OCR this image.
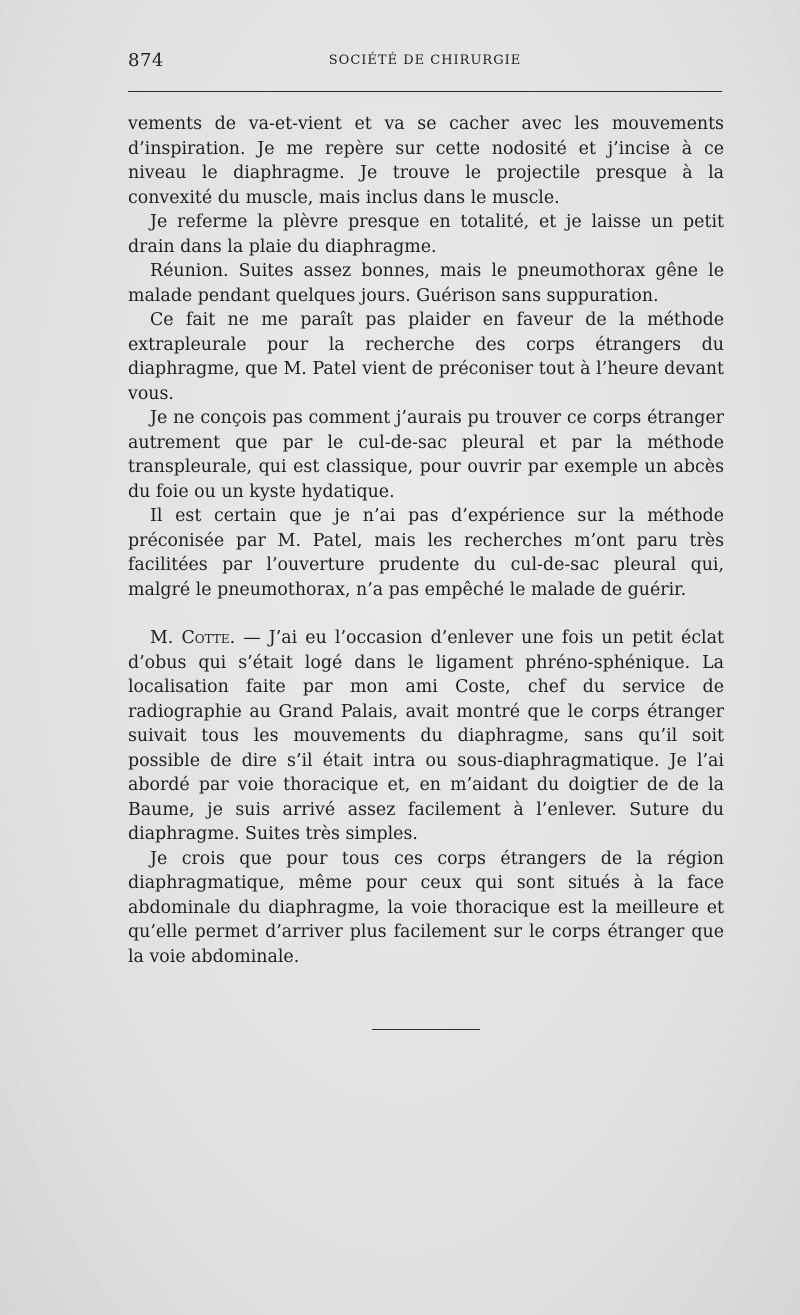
874	SOCIÉTÉ DE CHIRURGIE

vements de va-et-vient et va se cacher avec les mouvements d’inspiration. Je me repère sur cette nodosité et j’incise à ce niveau le diaphragme. Je trouve le projectile presque à la convexité du muscle, mais inclus dans le muscle.

Je referme la plèvre presque en totalité, et je laisse un petit drain dans la plaie du diaphragme.

Réunion. Suites assez bonnes, mais le pneumothorax gêne le malade pendant quelques jours. Guérison sans suppuration.

Ce fait ne me paraît pas plaider en faveur de la méthode extrapleurale pour la recherche des corps étrangers du diaphragme, que M. Patel vient de préconiser tout à l’heure devant vous.

Je ne conçois pas comment j’aurais pu trouver ce corps étranger autrement que par le cul-de-sac pleural et par la méthode transpleurale, qui est classique, pour ouvrir par exemple un abcès du foie ou un kyste hydatique.

Il est certain que je n’ai pas d’expérience sur la méthode préconisée par M. Patel, mais les recherches m’ont paru très facilitées par l’ouverture prudente du cul-de-sac pleural qui, malgré le pneumothorax, n’a pas empêché le malade de guérir.

M. Cotte. — J’ai eu l’occasion d’enlever une fois un petit éclat d’obus qui s’était logé dans le ligament phréno-sphénique. La localisation faite par mon ami Coste, chef du service de radiographie au Grand Palais, avait montré que le corps étranger suivait tous les mouvements du diaphragme, sans qu’il soit possible de dire s’il était intra ou sous-diaphragmatique. Je l’ai abordé par voie thoracique et, en m’aidant du doigtier de de la Baume, je suis arrivé assez facilement à l’enlever. Suture du diaphragme. Suites très simples.

Je crois que pour tous ces corps étrangers de la région diaphragmatique, même pour ceux qui sont situés à la face abdominale du diaphragme, la voie thoracique est la meilleure et qu’elle permet d’arriver plus facilement sur le corps étranger que la voie abdominale.
